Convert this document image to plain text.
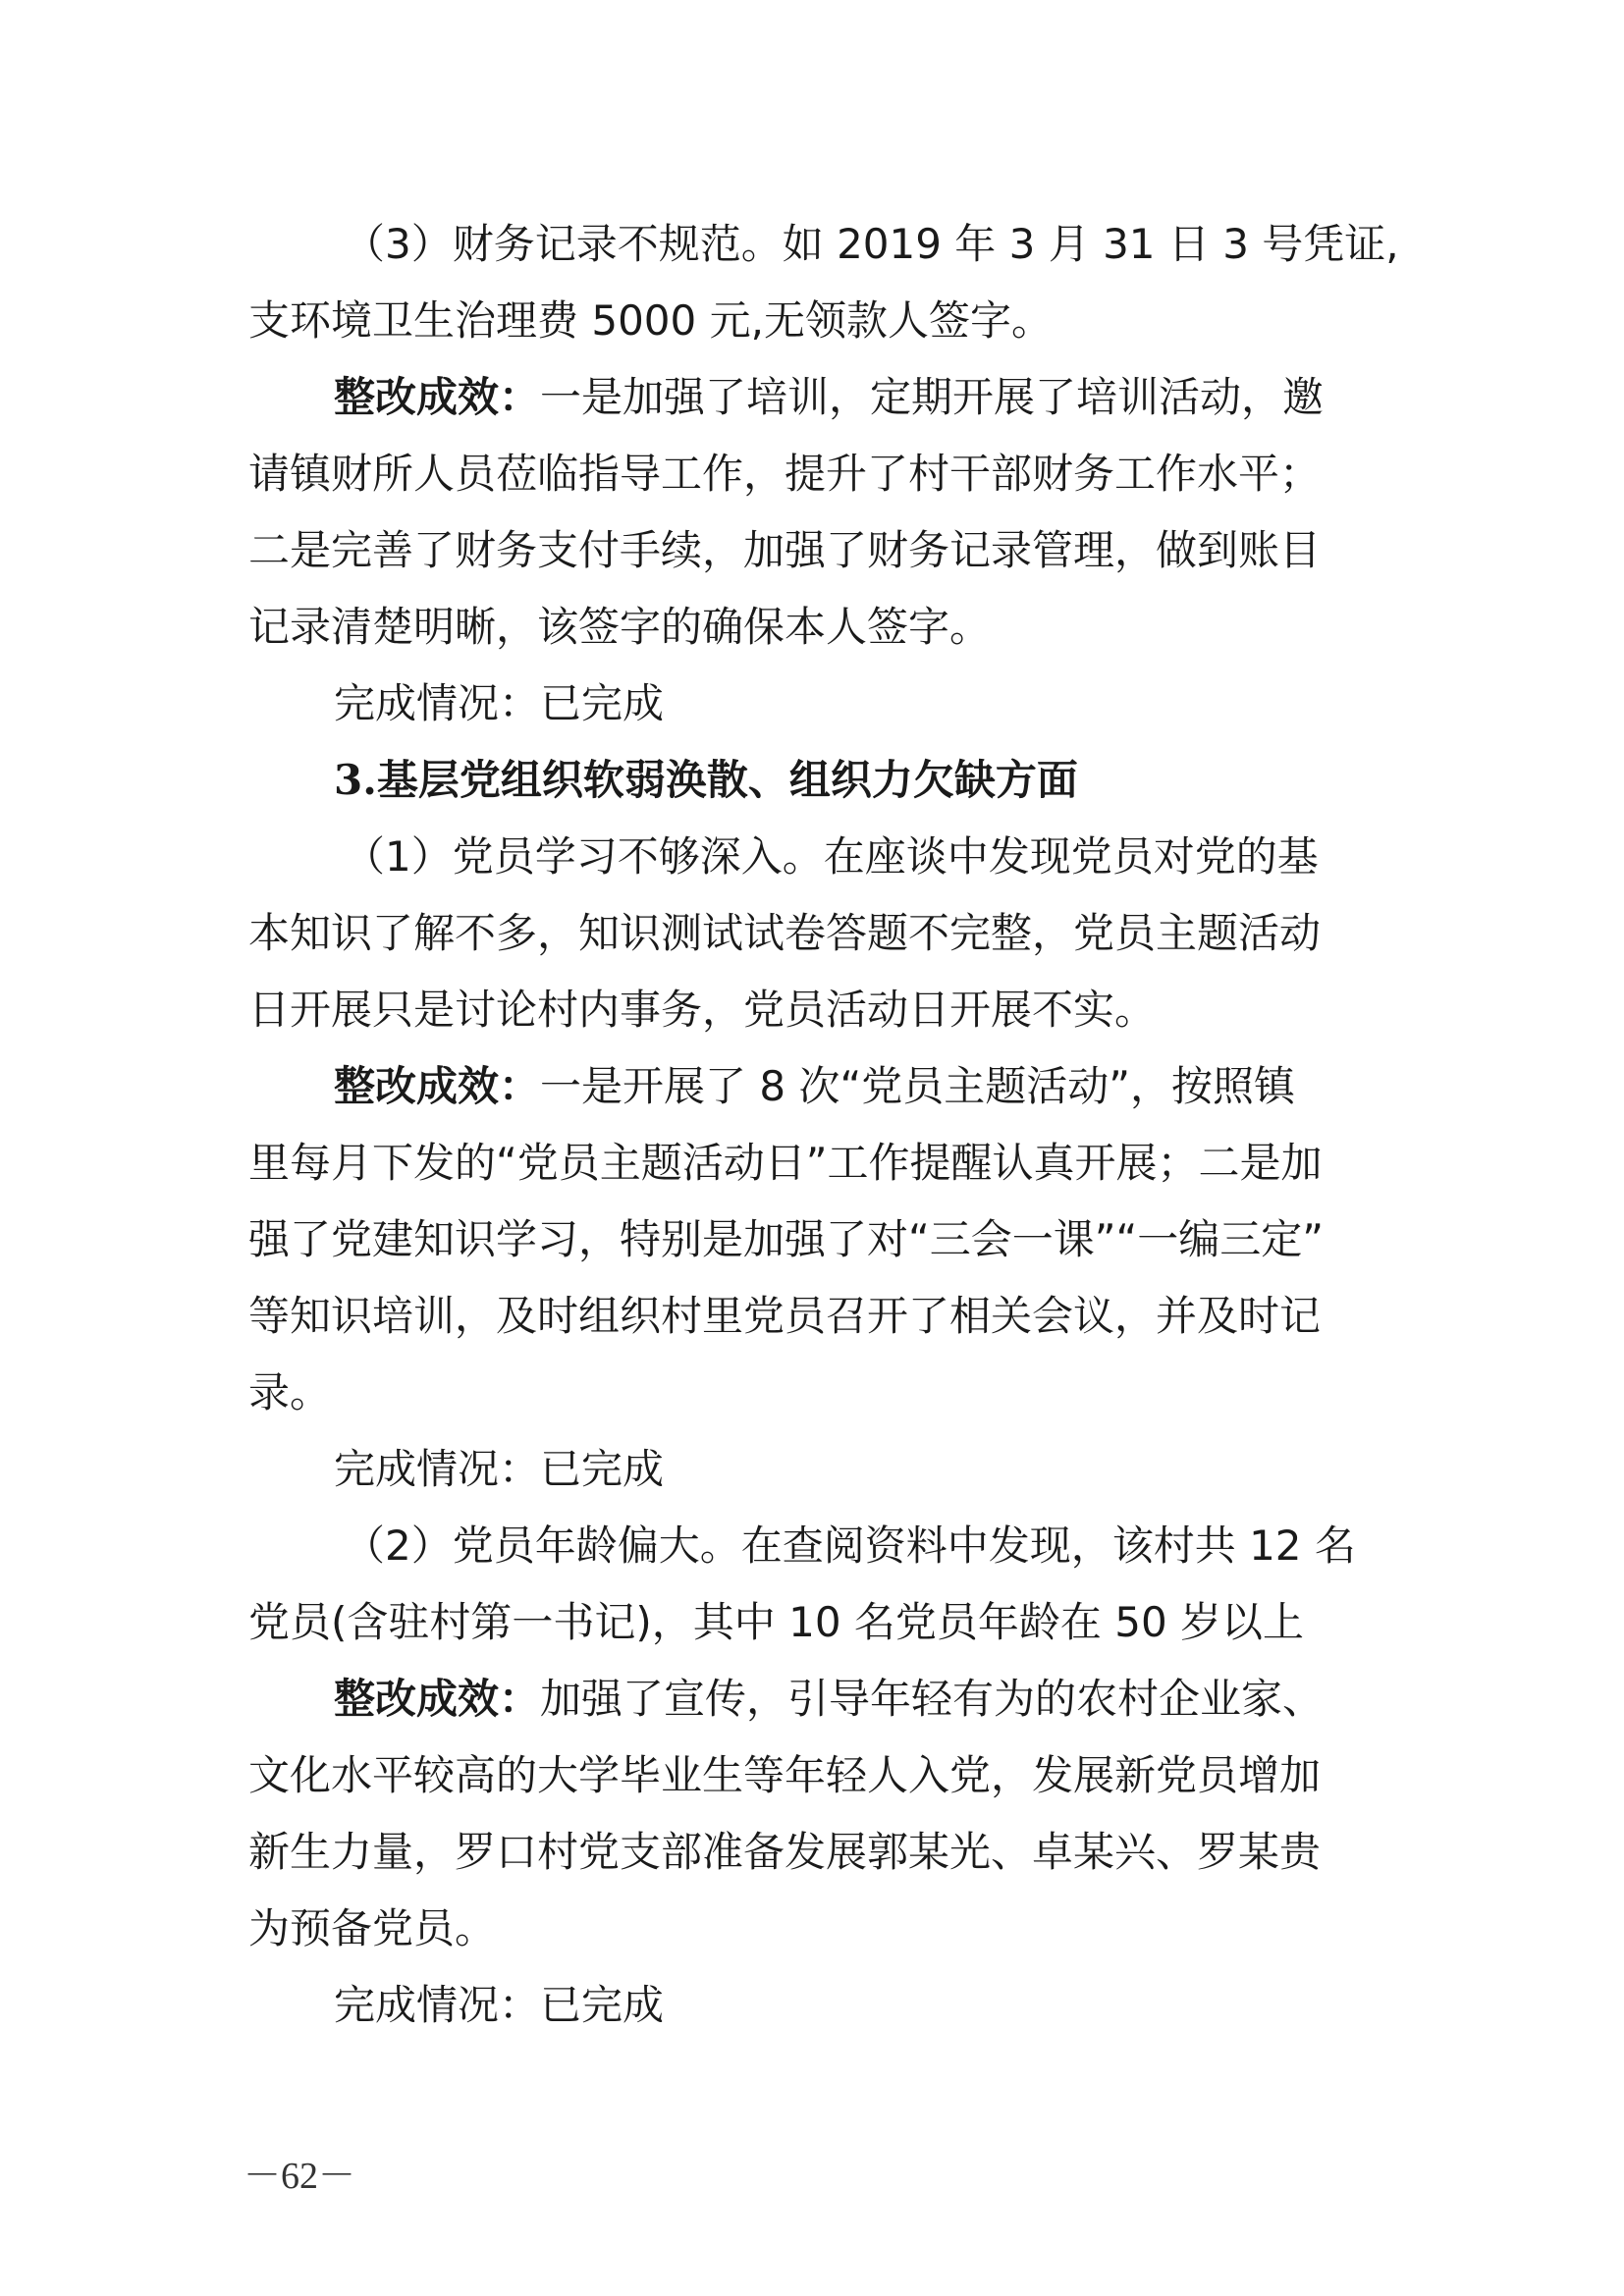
（3）财务记录不规范。如 2019 年 3 月 31 日 3 号凭证,
支环境卫生治理费 5000 元,无领款人签字。
整改成效：一是加强了培训，定期开展了培训活动，邀
请镇财所人员莅临指导工作，提升了村干部财务工作水平；
二是完善了财务支付手续，加强了财务记录管理，做到账目
记录清楚明晰，该签字的确保本人签字。
完成情况：已完成
3.基层党组织软弱涣散、组织力欠缺方面
（1）党员学习不够深入。在座谈中发现党员对党的基
本知识了解不多，知识测试试卷答题不完整，党员主题活动
日开展只是讨论村内事务，党员活动日开展不实。
整改成效：一是开展了 8 次“党员主题活动”，按照镇
里每月下发的“党员主题活动日”工作提醒认真开展；二是加
强了党建知识学习，特别是加强了对“三会一课”“一编三定”
等知识培训，及时组织村里党员召开了相关会议，并及时记
录。
完成情况：已完成
（2）党员年龄偏大。在查阅资料中发现，该村共 12 名
党员(含驻村第一书记)，其中 10 名党员年龄在 50 岁以上
整改成效：加强了宣传，引导年轻有为的农村企业家、
文化水平较高的大学毕业生等年轻人入党，发展新党员增加
新生力量，罗口村党支部准备发展郭某光、卓某兴、罗某贵
为预备党员。
完成情况：已完成
－62－
